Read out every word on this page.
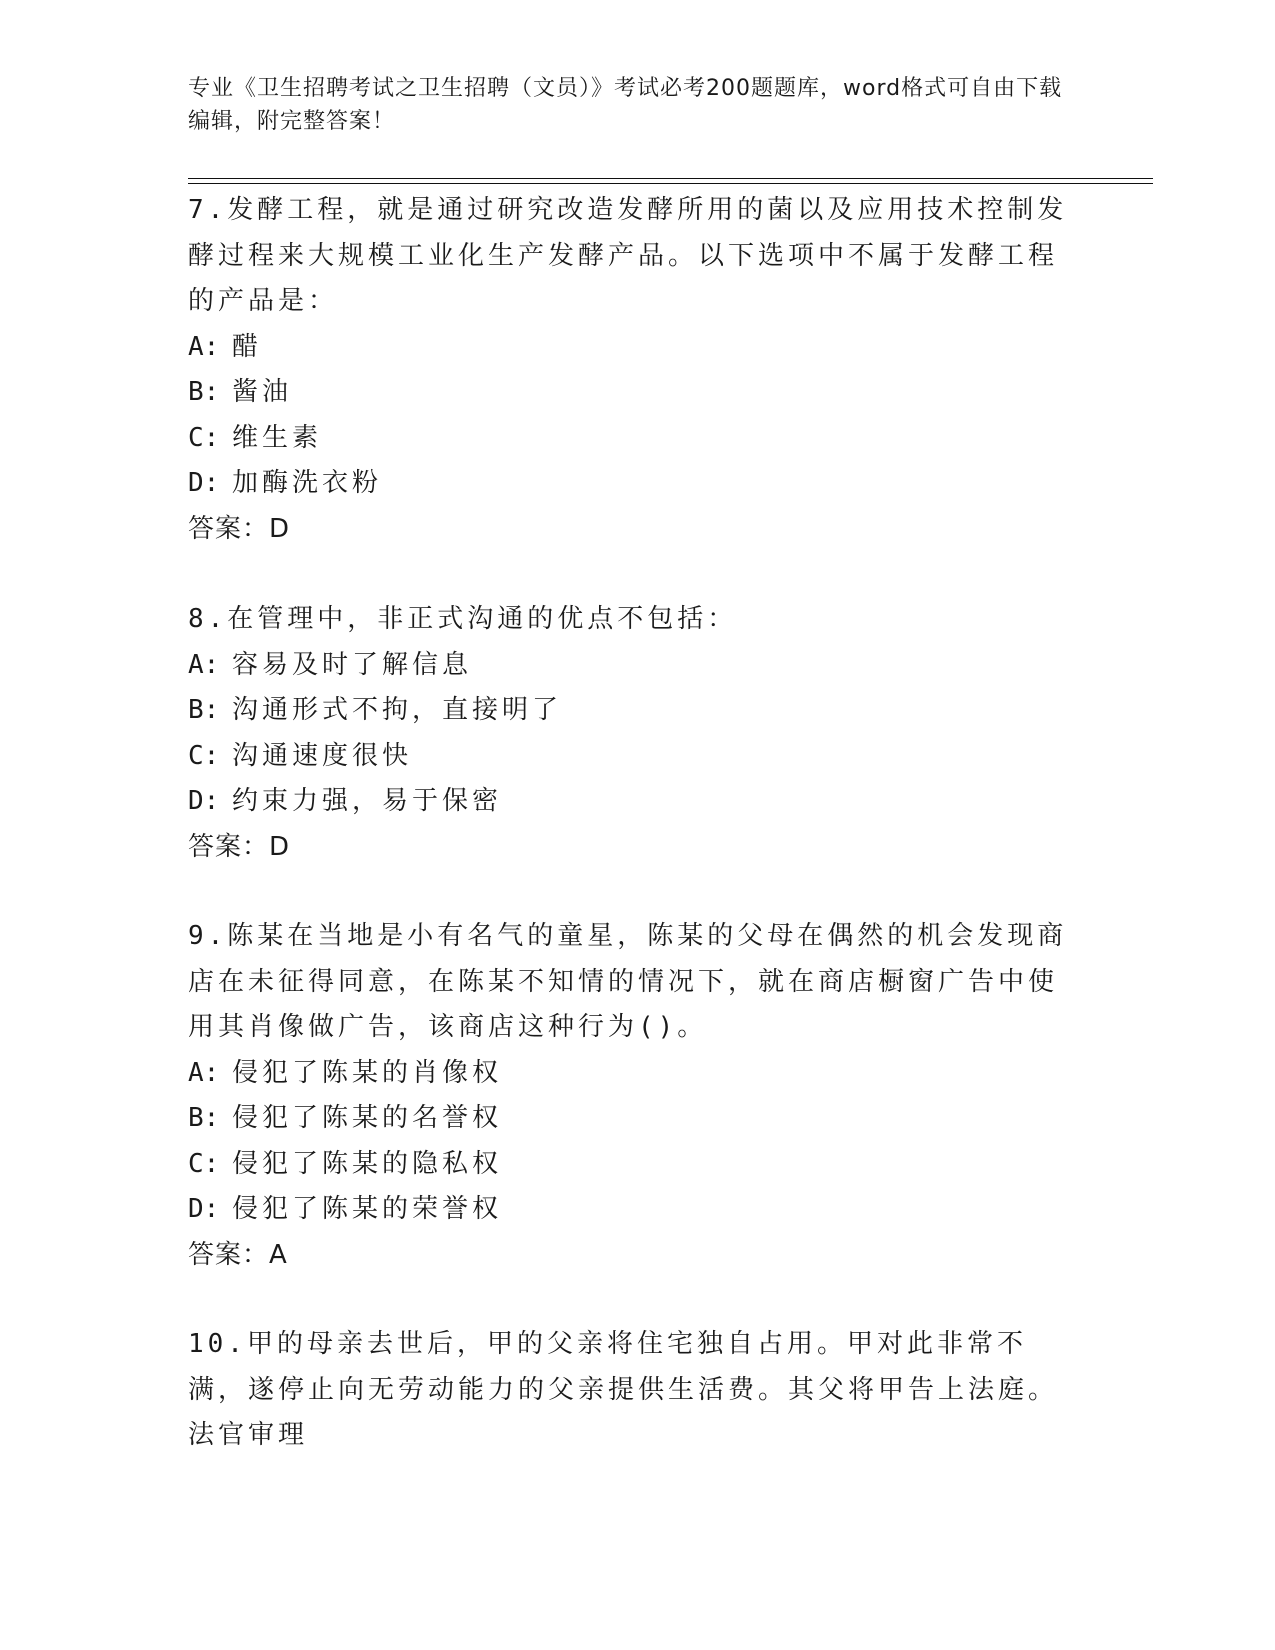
专业《卫生招聘考试之卫生招聘（文员）》考试必考200题题库，word格式可自由下载编辑，附完整答案！

7.发酵工程，就是通过研究改造发酵所用的菌以及应用技术控制发酵过程来大规模工业化生产发酵产品。以下选项中不属于发酵工程的产品是：

A: 醋

B: 酱油

C: 维生素

D: 加酶洗衣粉

答案：D

8.在管理中，非正式沟通的优点不包括：

A: 容易及时了解信息

B: 沟通形式不拘，直接明了

C: 沟通速度很快

D: 约束力强，易于保密

答案：D

9.陈某在当地是小有名气的童星，陈某的父母在偶然的机会发现商店在未征得同意，在陈某不知情的情况下，就在商店橱窗广告中使用其肖像做广告，该商店这种行为()。

A: 侵犯了陈某的肖像权

B: 侵犯了陈某的名誉权

C: 侵犯了陈某的隐私权

D: 侵犯了陈某的荣誉权

答案：A

10.甲的母亲去世后，甲的父亲将住宅独自占用。甲对此非常不满，遂停止向无劳动能力的父亲提供生活费。其父将甲告上法庭。法官审理
